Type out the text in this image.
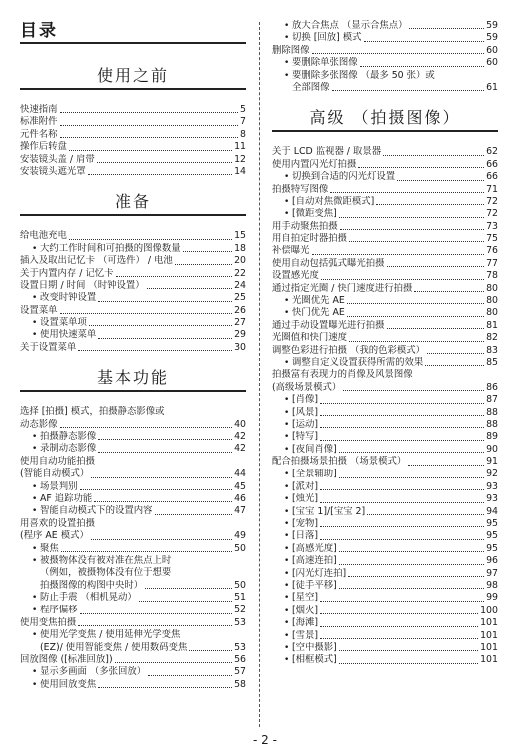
目录
使用之前
快速指南	5
标准附件	7
元件名称	8
操作后转盘	11
安装镜头盖 / 肩带	12
安装镜头遮光罩	14
准备
给电池充电	15
• 大约工作时间和可拍摄的图像数量	18
插入及取出记忆卡 （可选件） / 电池	20
关于内置内存 / 记忆卡	22
设置日期 / 时间 （时钟设置）	24
• 改变时钟设置	25
设置菜单	26
• 设置菜单项	27
• 使用快速菜单	29
关于设置菜单	30
基本功能
选择 [拍摄] 模式，拍摄静态影像或
动态影像	40
• 拍摄静态影像	42
• 录制动态影像	42
使用自动功能拍摄
(智能自动模式）	44
• 场景判别	45
• AF 追踪功能	46
• 智能自动模式下的设置内容	47
用喜欢的设置拍摄
(程序 AE 模式）	49
• 聚焦	50
• 被摄物体没有被对准在焦点上时
（例如，被摄物体没有位于想要
拍摄图像的构图中央时）	50
• 防止手震 （相机晃动）	51
• 程序偏移	52
使用变焦拍摄	53
• 使用光学变焦 / 使用延伸光学变焦
(EZ)/ 使用智能变焦 / 使用数码变焦	53
回放图像 ([标准回放])	56
• 显示多画面 （多张回放）	57
• 使用回放变焦	58
• 放大合焦点 （显示合焦点）	59
• 切换 [回放] 模式	59
删除图像	60
• 要删除单张图像	60
• 要删除多张图像 （最多 50 张）或
全部图像	61
高级 （拍摄图像）
关于 LCD 监视器 / 取景器	62
使用内置闪光灯拍摄	66
• 切换到合适的闪光灯设置	66
拍摄特写图像	71
• [自动对焦微距模式]	72
• [微距变焦]	72
用手动聚焦拍摄	73
用自拍定时器拍摄	75
补偿曝光	76
使用自动包括弧式曝光拍摄	77
设置感光度	78
通过指定光圈 / 快门速度进行拍摄	80
• 光圈优先 AE	80
• 快门优先 AE	80
通过手动设置曝光进行拍摄	81
光圈值和快门速度	82
调整色彩进行拍摄 （我的色彩模式）	83
• 调整自定义设置获得所需的效果	85
拍摄富有表现力的肖像及风景图像
(高级场景模式）	86
• [肖像]	87
• [风景]	88
• [运动]	88
• [特写]	89
• [夜间肖像]	90
配合拍摄场景拍摄 （场景模式）	91
• [全景辅助]	92
• [派对]	93
• [烛光]	93
• [宝宝 1]/[宝宝 2]	94
• [宠物]	95
• [日落]	95
• [高感光度]	95
• [高速连拍]	96
• [闪光灯连拍]	97
• [徒手平移]	98
• [星空]	99
• [烟火]	100
• [海滩]	101
• [雪景]	101
• [空中摄影]	101
• [相框模式]	101
- 2 -
